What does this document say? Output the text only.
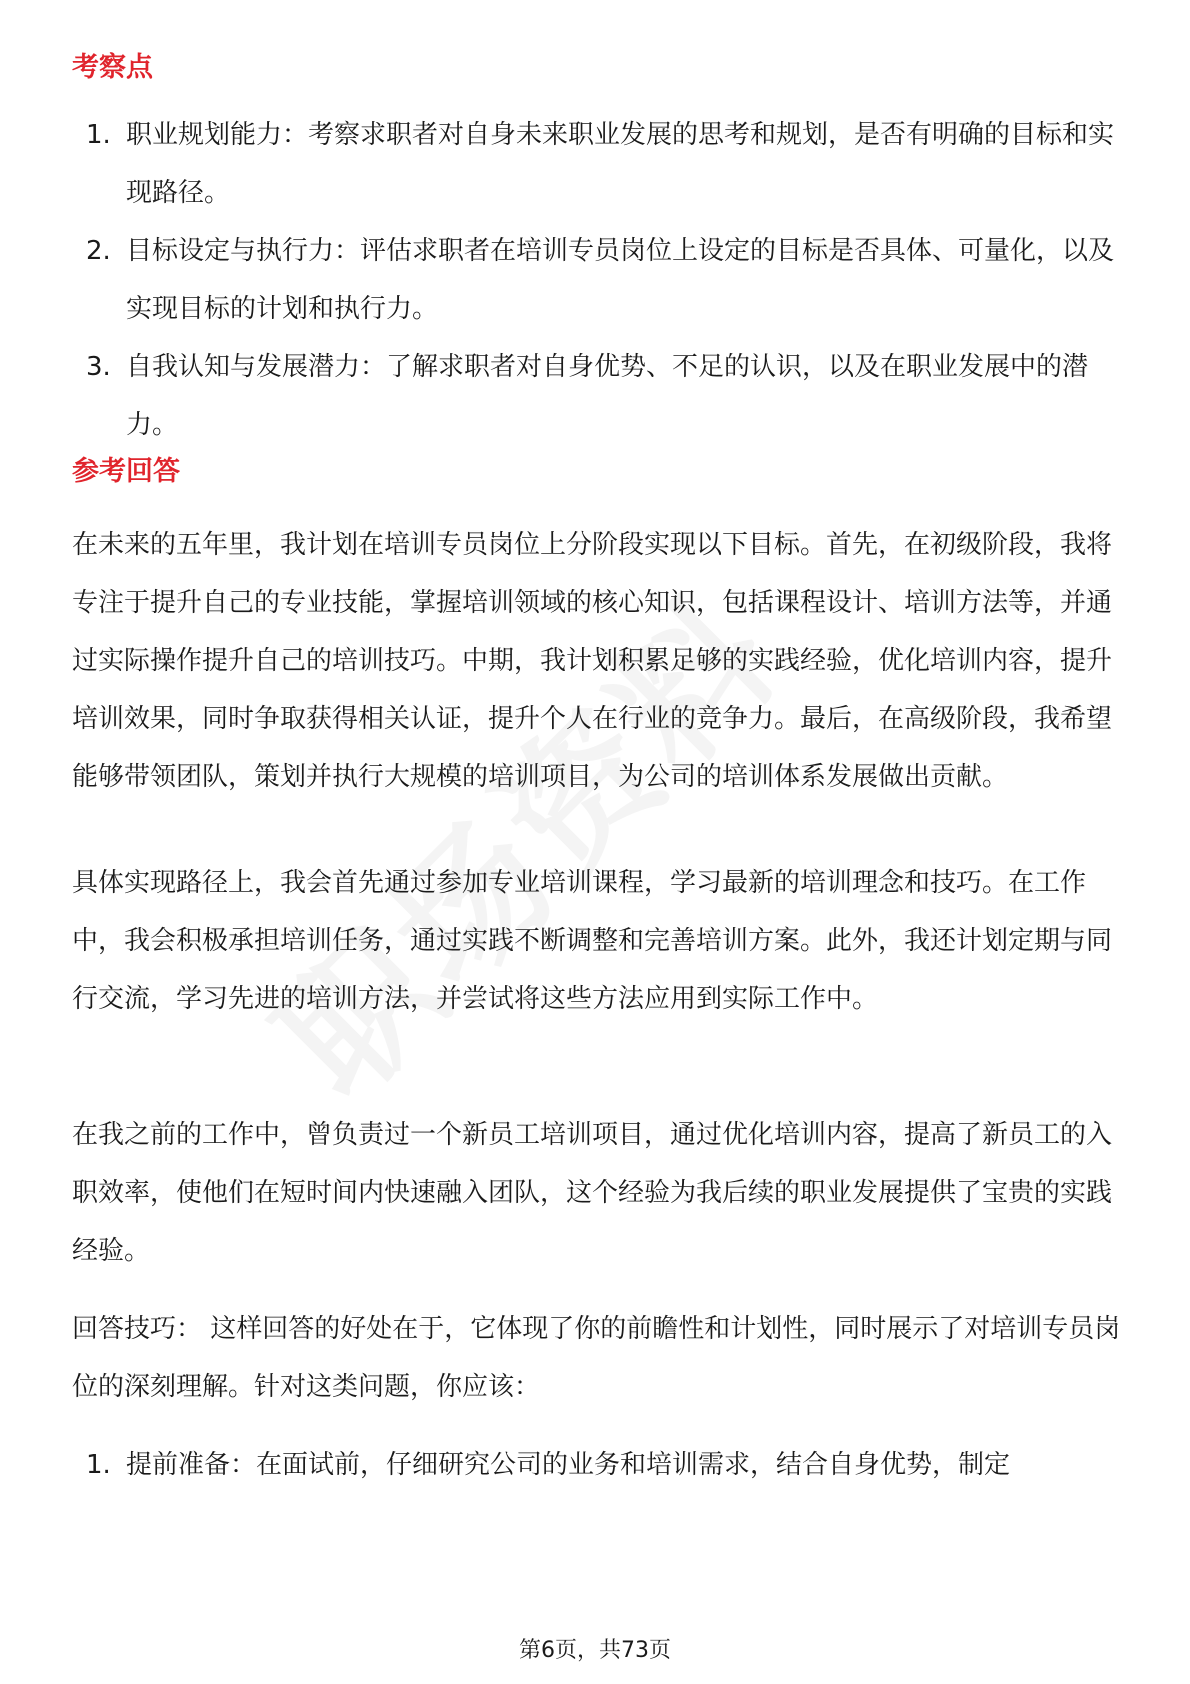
考察点
1. 职业规划能力：考察求职者对自身未来职业发展的思考和规划，是否有明确的目标和实现路径。
2. 目标设定与执行力：评估求职者在培训专员岗位上设定的目标是否具体、可量化，以及实现目标的计划和执行力。
3. 自我认知与发展潜力：了解求职者对自身优势、不足的认识，以及在职业发展中的潜力。
参考回答

在未来的五年里，我计划在培训专员岗位上分阶段实现以下目标。首先，在初级阶段，我将专注于提升自己的专业技能，掌握培训领域的核心知识，包括课程设计、培训方法等，并通过实际操作提升自己的培训技巧。中期，我计划积累足够的实践经验，优化培训内容，提升培训效果，同时争取获得相关认证，提升个人在行业的竞争力。最后，在高级阶段，我希望能够带领团队，策划并执行大规模的培训项目，为公司的培训体系发展做出贡献。

具体实现路径上，我会首先通过参加专业培训课程，学习最新的培训理念和技巧。在工作中，我会积极承担培训任务，通过实践不断调整和完善培训方案。此外，我还计划定期与同行交流，学习先进的培训方法，并尝试将这些方法应用到实际工作中。

在我之前的工作中，曾负责过一个新员工培训项目，通过优化培训内容，提高了新员工的入职效率，使他们在短时间内快速融入团队，这个经验为我后续的职业发展提供了宝贵的实践经验。

回答技巧： 这样回答的好处在于，它体现了你的前瞻性和计划性，同时展示了对培训专员岗位的深刻理解。针对这类问题，你应该：

1. 提前准备：在面试前，仔细研究公司的业务和培训需求，结合自身优势，制定
第6页，共73页
